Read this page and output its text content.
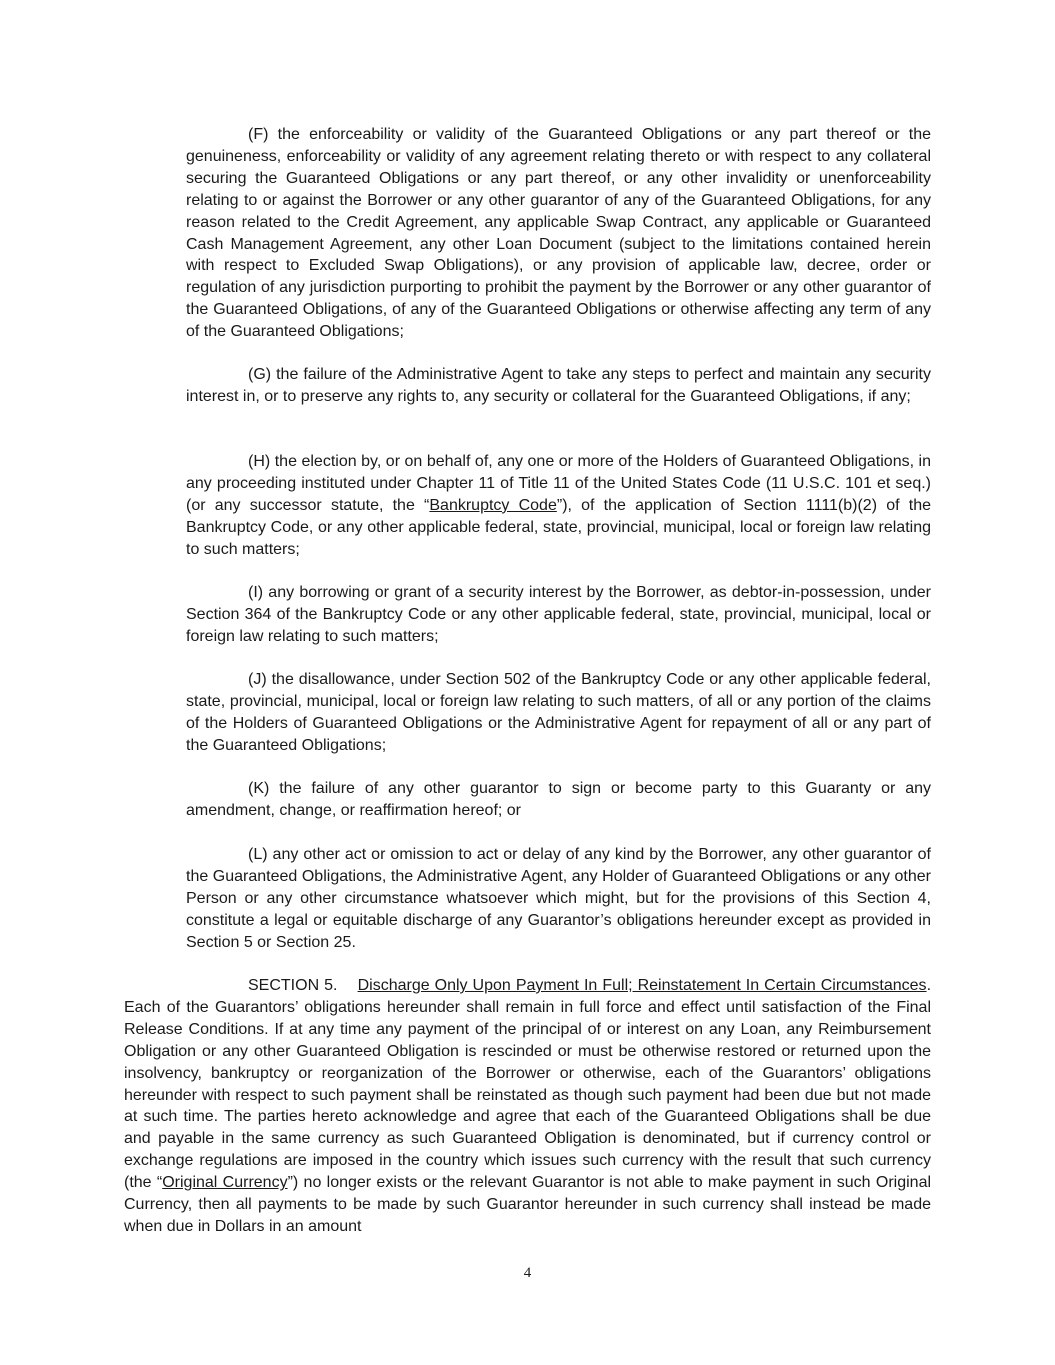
(F) the enforceability or validity of the Guaranteed Obligations or any part thereof or the genuineness, enforceability or validity of any agreement relating thereto or with respect to any collateral securing the Guaranteed Obligations or any part thereof, or any other invalidity or unenforceability relating to or against the Borrower or any other guarantor of any of the Guaranteed Obligations, for any reason related to the Credit Agreement, any applicable Swap Contract, any applicable or Guaranteed Cash Management Agreement, any other Loan Document (subject to the limitations contained herein with respect to Excluded Swap Obligations), or any provision of applicable law, decree, order or regulation of any jurisdiction purporting to prohibit the payment by the Borrower or any other guarantor of the Guaranteed Obligations, of any of the Guaranteed Obligations or otherwise affecting any term of any of the Guaranteed Obligations;

(G) the failure of the Administrative Agent to take any steps to perfect and maintain any security interest in, or to preserve any rights to, any security or collateral for the Guaranteed Obligations, if any;

(H) the election by, or on behalf of, any one or more of the Holders of Guaranteed Obligations, in any proceeding instituted under Chapter 11 of Title 11 of the United States Code (11 U.S.C. 101 et seq.) (or any successor statute, the “Bankruptcy Code”), of the application of Section 1111(b)(2) of the Bankruptcy Code, or any other applicable federal, state, provincial, municipal, local or foreign law relating to such matters;

(I) any borrowing or grant of a security interest by the Borrower, as debtor-in-possession, under Section 364 of the Bankruptcy Code or any other applicable federal, state, provincial, municipal, local or foreign law relating to such matters;

(J) the disallowance, under Section 502 of the Bankruptcy Code or any other applicable federal, state, provincial, municipal, local or foreign law relating to such matters, of all or any portion of the claims of the Holders of Guaranteed Obligations or the Administrative Agent for repayment of all or any part of the Guaranteed Obligations;

(K) the failure of any other guarantor to sign or become party to this Guaranty or any amendment, change, or reaffirmation hereof; or

(L) any other act or omission to act or delay of any kind by the Borrower, any other guarantor of the Guaranteed Obligations, the Administrative Agent, any Holder of Guaranteed Obligations or any other Person or any other circumstance whatsoever which might, but for the provisions of this Section 4, constitute a legal or equitable discharge of any Guarantor’s obligations hereunder except as provided in Section 5 or Section 25.

SECTION 5. Discharge Only Upon Payment In Full; Reinstatement In Certain Circumstances. Each of the Guarantors’ obligations hereunder shall remain in full force and effect until satisfaction of the Final Release Conditions. If at any time any payment of the principal of or interest on any Loan, any Reimbursement Obligation or any other Guaranteed Obligation is rescinded or must be otherwise restored or returned upon the insolvency, bankruptcy or reorganization of the Borrower or otherwise, each of the Guarantors’ obligations hereunder with respect to such payment shall be reinstated as though such payment had been due but not made at such time. The parties hereto acknowledge and agree that each of the Guaranteed Obligations shall be due and payable in the same currency as such Guaranteed Obligation is denominated, but if currency control or exchange regulations are imposed in the country which issues such currency with the result that such currency (the “Original Currency”) no longer exists or the relevant Guarantor is not able to make payment in such Original Currency, then all payments to be made by such Guarantor hereunder in such currency shall instead be made when due in Dollars in an amount

4
